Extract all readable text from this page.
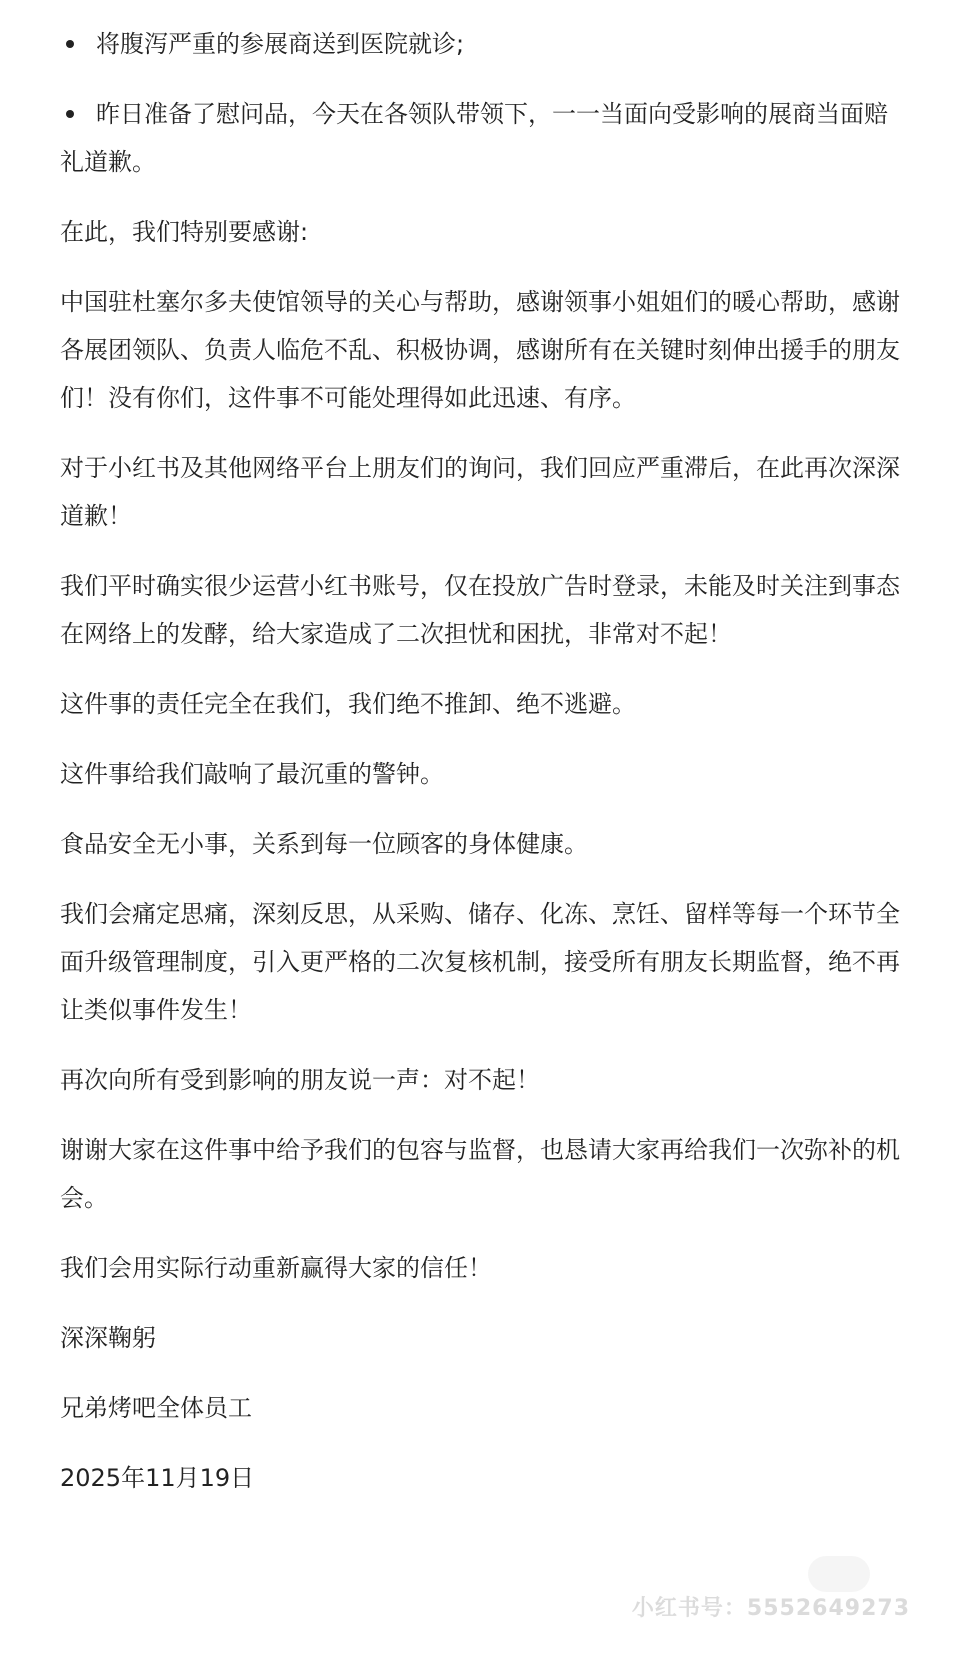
将腹泻严重的参展商送到医院就诊;
昨日准备了慰问品，今天在各领队带领下，一一当面向受影响的展商当面赔礼道歉。

在此，我们特别要感谢:

中国驻杜塞尔多夫使馆领导的关心与帮助，感谢领事小姐姐们的暖心帮助，感谢各展团领队、负责人临危不乱、积极协调，感谢所有在关键时刻伸出援手的朋友们！没有你们，这件事不可能处理得如此迅速、有序。

对于小红书及其他网络平台上朋友们的询问，我们回应严重滞后，在此再次深深道歉！

我们平时确实很少运营小红书账号，仅在投放广告时登录，未能及时关注到事态在网络上的发酵，给大家造成了二次担忧和困扰，非常对不起！

这件事的责任完全在我们，我们绝不推卸、绝不逃避。

这件事给我们敲响了最沉重的警钟。

食品安全无小事，关系到每一位顾客的身体健康。

我们会痛定思痛，深刻反思，从采购、储存、化冻、烹饪、留样等每一个环节全面升级管理制度，引入更严格的二次复核机制，接受所有朋友长期监督，绝不再让类似事件发生！

再次向所有受到影响的朋友说一声：对不起！

谢谢大家在这件事中给予我们的包容与监督，也恳请大家再给我们一次弥补的机会。

我们会用实际行动重新赢得大家的信任！

深深鞠躬

兄弟烤吧全体员工

2025年11月19日

小红书号：5552649273
